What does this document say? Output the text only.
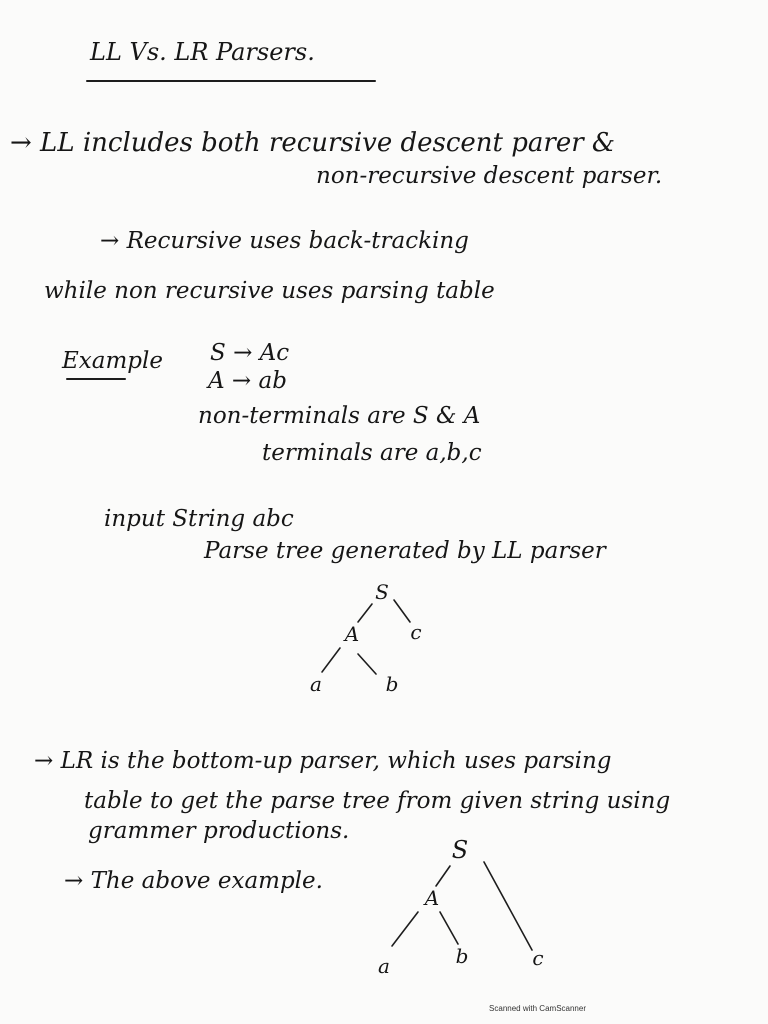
LL Vs. LR Parsers.
→ LL includes both recursive descent parer &
non-recursive descent parser.
→ Recursive uses back-tracking
while non recursive uses parsing table
Example S → Ac
A → ab
non-terminals are S & A
terminals are a,b,c
input String abc
Parse tree generated by LL parser
S
A	c
a	b
→ LR is the bottom-up parser, which uses parsing
table to get the parse tree from given string using
grammer productions.
→ The above example.
S
A
a	b	c
Scanned with CamScanner
